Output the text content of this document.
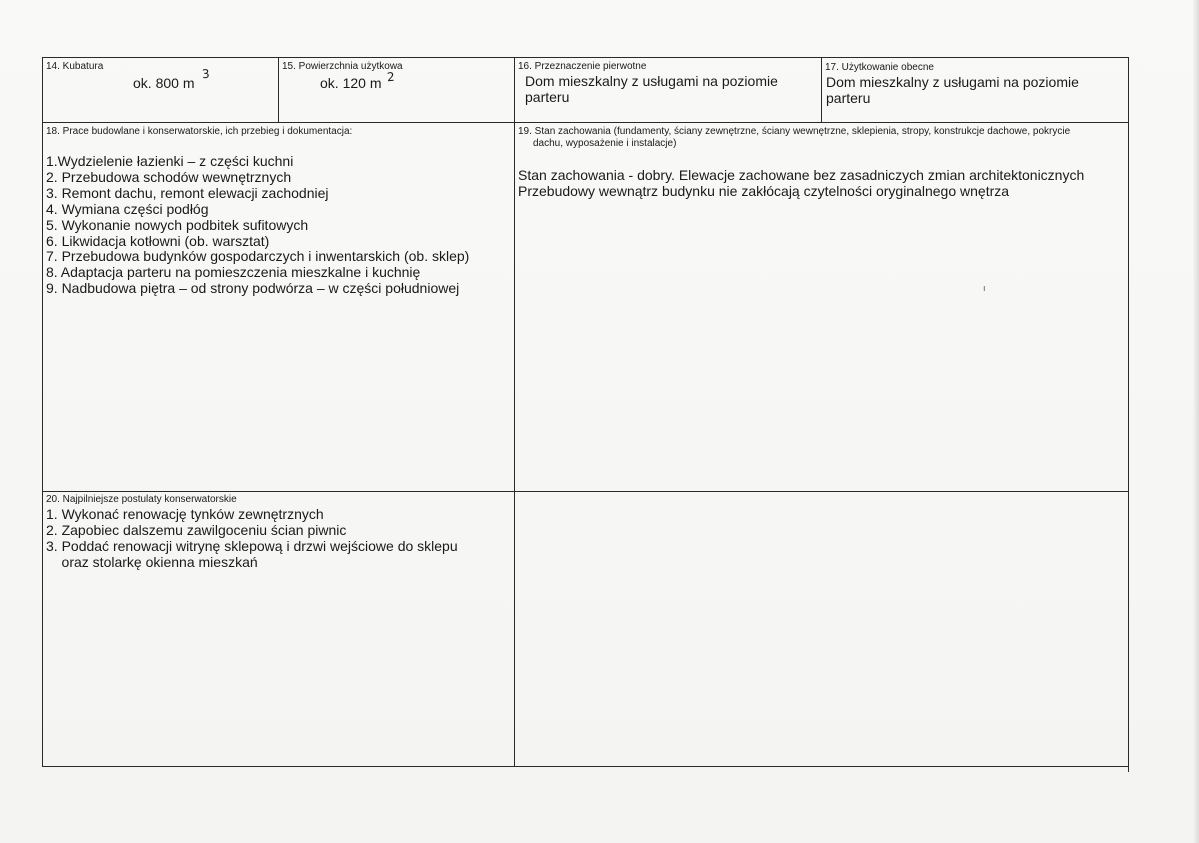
14. Kubatura
ok. 800 m
3
15. Powierzchnia użytkowa
ok. 120 m 2
16. Przeznaczenie pierwotne
Dom mieszkalny z usługami na poziomie
parteru
17. Użytkowanie obecne
Dom mieszkalny z usługami na poziomie
parteru
18. Prace budowlane i konserwatorskie, ich przebieg i dokumentacja:
1.Wydzielenie łazienki – z części kuchni
2. Przebudowa schodów wewnętrznych
3. Remont dachu, remont elewacji zachodniej
4. Wymiana części podłóg
5. Wykonanie nowych podbitek sufitowych
6. Likwidacja kotłowni (ob. warsztat)
7. Przebudowa budynków gospodarczych i inwentarskich (ob. sklep)
8. Adaptacja parteru na pomieszczenia mieszkalne i kuchnię
9. Nadbudowa piętra – od strony podwórza – w części południowej
19. Stan zachowania (fundamenty, ściany zewnętrzne, ściany wewnętrzne, sklepienia, stropy, konstrukcje dachowe, pokrycie
dachu, wyposażenie i instalacje)
Stan zachowania - dobry. Elewacje zachowane bez zasadniczych zmian architektonicznych
Przebudowy wewnątrz budynku nie zakłócają czytelności oryginalnego wnętrza
ı
20. Najpilniejsze postulaty konserwatorskie
1. Wykonać renowację tynków zewnętrznych
2. Zapobiec dalszemu zawilgoceniu ścian piwnic
3. Poddać renowacji witrynę sklepową i drzwi wejściowe do sklepu
oraz stolarkę okienna mieszkań
